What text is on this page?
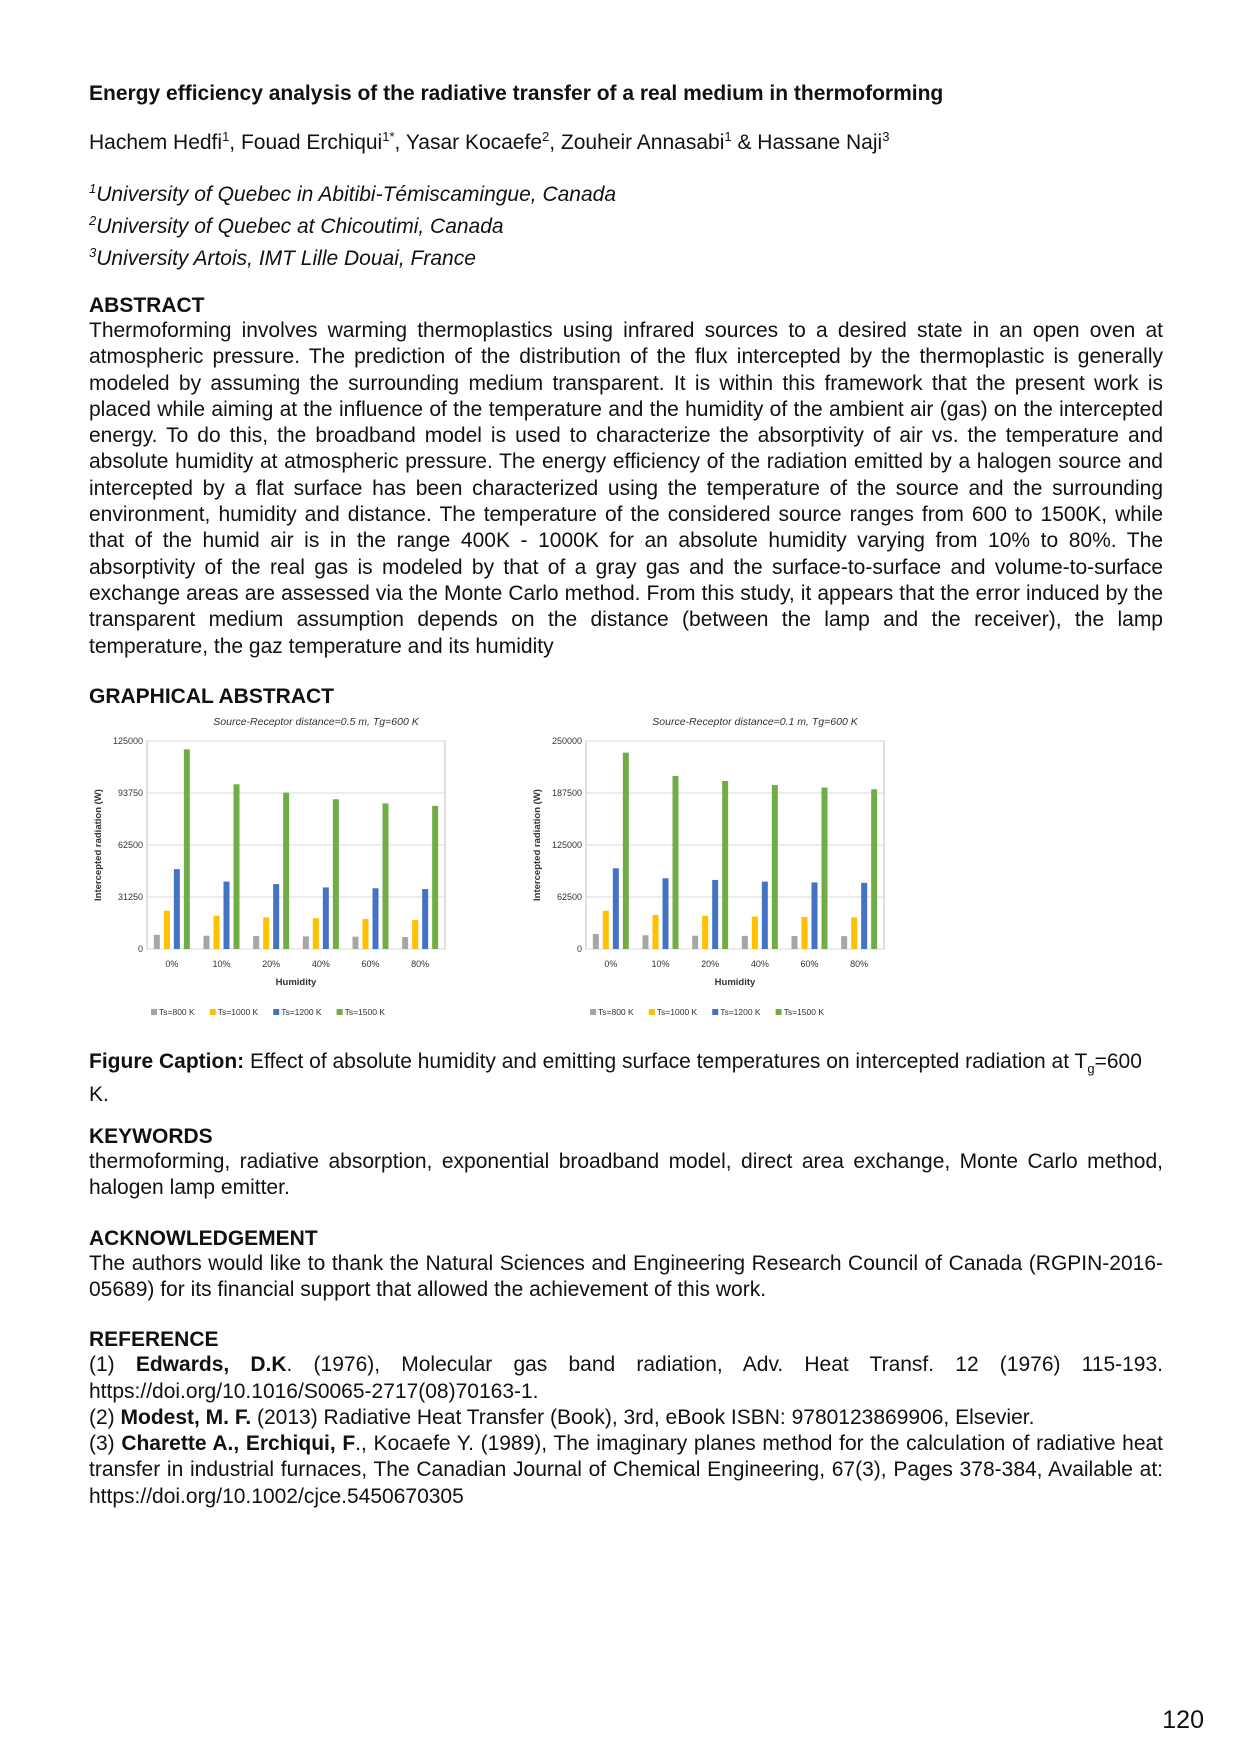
Energy efficiency analysis of the radiative transfer of a real medium in thermoforming
Hachem Hedfi$^1$, Fouad Erchiqui$^{1*}$, Yasar Kocaefe$^2$, Zouheir Annasabi$^1$ & Hassane Naji$^3$
$^1$University of Quebec in Abitibi-Témiscamingue, Canada
$^2$University of Quebec at Chicoutimi, Canada
$^3$University Artois, IMT Lille Douai, France
ABSTRACT

Thermoforming involves warming thermoplastics using infrared sources to a desired state in an open oven at atmospheric pressure. The prediction of the distribution of the flux intercepted by the thermoplastic is generally modeled by assuming the surrounding medium transparent. It is within this framework that the present work is placed while aiming at the influence of the temperature and the humidity of the ambient air (gas) on the intercepted energy. To do this, the broadband model is used to characterize the absorptivity of air vs. the temperature and absolute humidity at atmospheric pressure. The energy efficiency of the radiation emitted by a halogen source and intercepted by a flat surface has been characterized using the temperature of the source and the surrounding environment, humidity and distance. The temperature of the considered source ranges from 600 to 1500K, while that of the humid air is in the range 400K - 1000K for an absolute humidity varying from 10% to 80%. The absorptivity of the real gas is modeled by that of a gray gas and the surface-to-surface and volume-to-surface exchange areas are assessed via the Monte Carlo method. From this study, it appears that the error induced by the transparent medium assumption depends on the distance (between the lamp and the receiver), the lamp temperature, the gaz temperature and its humidity

GRAPHICAL ABSTRACT
Source-Receptor distance=0.5 m, Tg=600 K
0
31250
62500
93750
125000
Intercepted radiation (W)
0%	10%	20%	40%	60%	80%
Humidity
Ts=800 K	Ts=1000 K	Ts=1200 K	Ts=1500 K
Source-Receptor distance=0.1 m, Tg=600 K
0
62500
125000
187500
250000
Intercepted radiation (W)
0%	10%	20%	40%	60%	80%
Humidity
Ts=800 K	Ts=1000 K	Ts=1200 K	Ts=1500 K

Figure Caption: Effect of absolute humidity and emitting surface temperatures on intercepted radiation at $T_g=600$ K.

KEYWORDS

thermoforming, radiative absorption, exponential broadband model, direct area exchange, Monte Carlo method, halogen lamp emitter.

ACKNOWLEDGEMENT

The authors would like to thank the Natural Sciences and Engineering Research Council of Canada (RGPIN-2016-05689) for its financial support that allowed the achievement of this work.

REFERENCE

(1) Edwards, D.K. (1976), Molecular gas band radiation, Adv. Heat Transf. 12 (1976) 115-193. https://doi.org/10.1016/S0065-2717(08)70163-1.

(2) Modest, M. F. (2013) Radiative Heat Transfer (Book), 3rd, eBook ISBN: 9780123869906, Elsevier.

(3) Charette A., Erchiqui, F., Kocaefe Y. (1989), The imaginary planes method for the calculation of radiative heat transfer in industrial furnaces, The Canadian Journal of Chemical Engineering, 67(3), Pages 378-384, Available at: https://doi.org/10.1002/cjce.5450670305

120
